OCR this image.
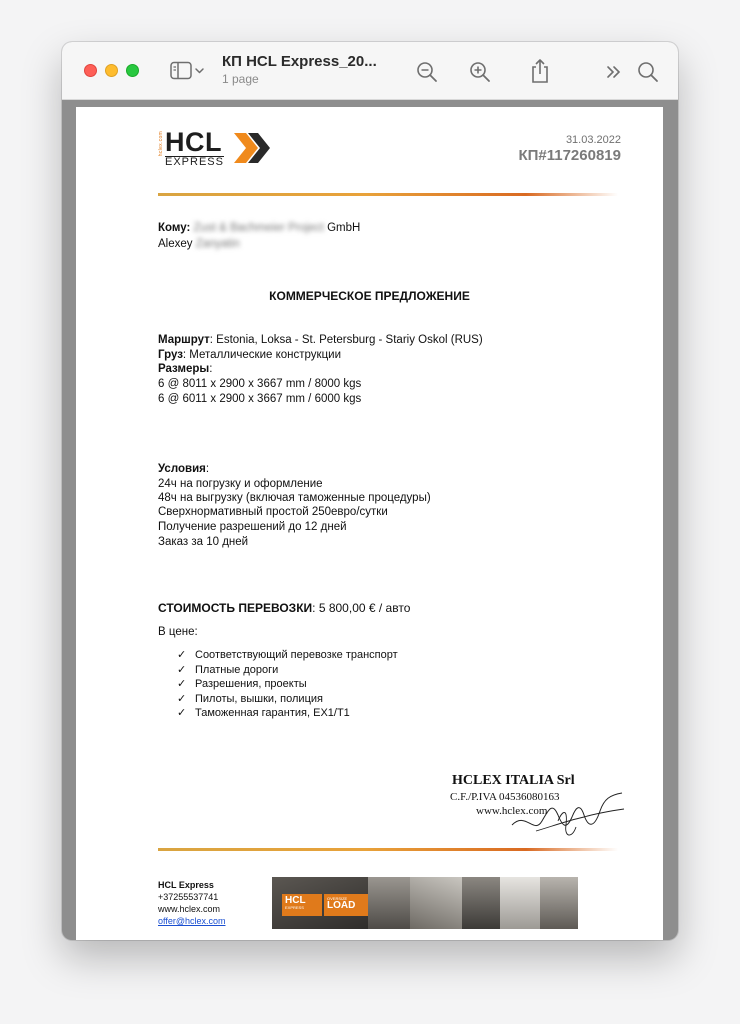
КП HCL Express_20...
1 page
hclex.com HCL
EXPRESS
31.03.2022
КП#117260819
Кому: Zust & Bachmeier Project GmbH
Alexey Zanyatin
КОММЕРЧЕСКОЕ ПРЕДЛОЖЕНИЕ
Маршрут: Estonia, Loksa - St. Petersburg - Stariy Oskol (RUS)
Груз: Металлические конструкции
Размеры:
6 @ 8011 x 2900 x 3667 mm / 8000 kgs
6 @ 6011 x 2900 x 3667 mm / 6000 kgs
Условия:
24ч на погрузку и оформление
48ч на выгрузку (включая таможенные процедуры)
Сверхнормативный простой 250евро/сутки
Получение разрешений до 12 дней
Заказ за 10 дней
СТОИМОСТЬ ПЕРЕВОЗКИ: 5 800,00 € / авто
В цене:
✓ Соответствующий перевозке транспорт
✓ Платные дороги
✓ Разрешения, проекты
✓ Пилоты, вышки, полиция
✓ Таможенная гарантия, EX1/T1
HCLEX ITALIA Srl
C.F./P.IVA 04536080163
www.hclex.com
HCL Express
+37255537741
www.hclex.com
offer@hclex.com
HCL
EXPRESS
OVERSIZE
LOAD
